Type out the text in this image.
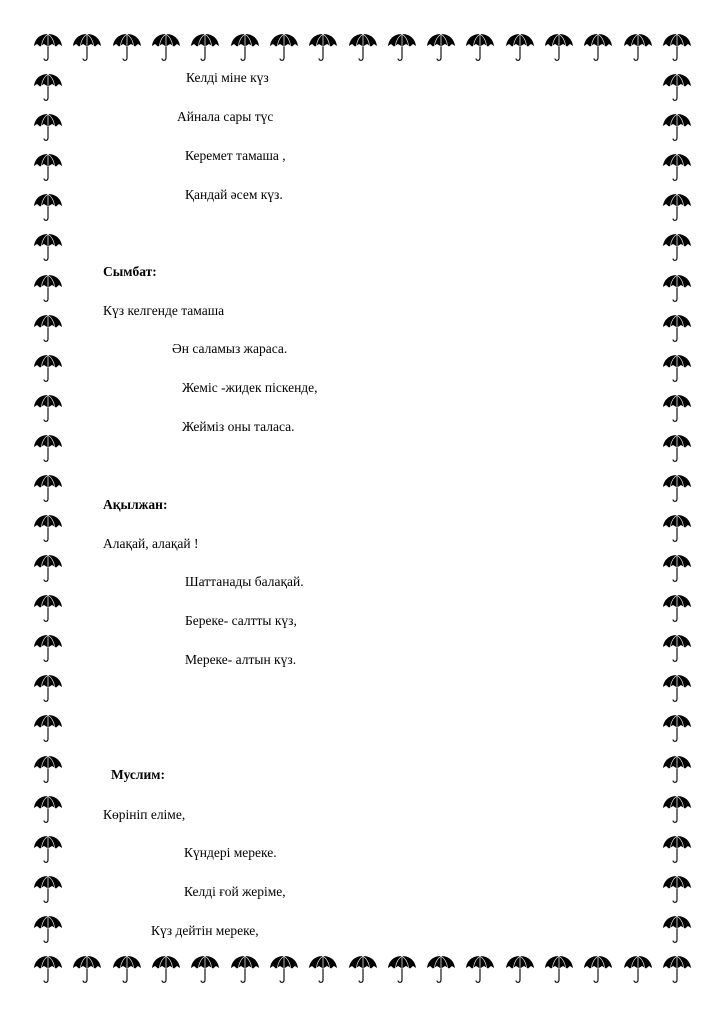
Келді міне күз
Айнала сары түс
Керемет тамаша ,
Қандай әсем күз.
Сымбат:
Күз келгенде тамаша
Ән саламыз жараса.
Жеміс -жидек піскенде,
Жейміз оны таласа.
Ақылжан:
Алақай, алақай !
Шаттанады балақай.
Береке- салтты күз,
Мереке- алтын күз.
Муслим:
Көрініп еліме,
Күндері мереке.
Келді ғой жеріме,
Күз дейтін мереке,
